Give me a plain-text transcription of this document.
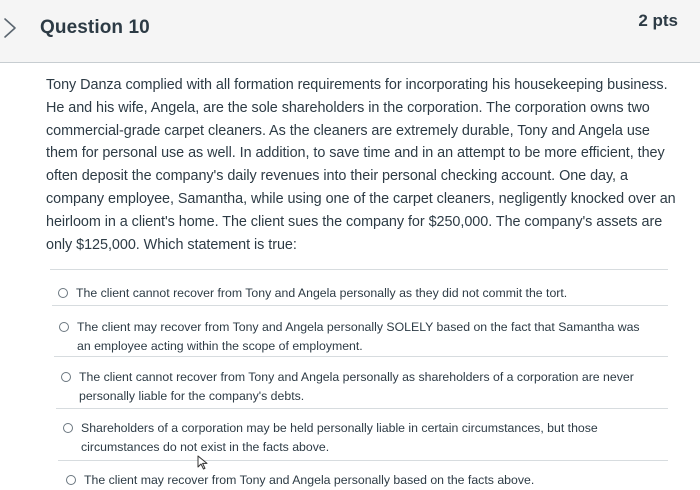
Question 10	2 pts
Tony Danza complied with all formation requirements for incorporating his housekeeping business. He and his wife, Angela, are the sole shareholders in the corporation. The corporation owns two commercial-grade carpet cleaners. As the cleaners are extremely durable, Tony and Angela use them for personal use as well. In addition, to save time and in an attempt to be more efficient, they often deposit the company's daily revenues into their personal checking account. One day, a company employee, Samantha, while using one of the carpet cleaners, negligently knocked over an heirloom in a client's home. The client sues the company for $250,000. The company's assets are only $125,000. Which statement is true:
The client cannot recover from Tony and Angela personally as they did not commit the tort.
The client may recover from Tony and Angela personally SOLELY based on the fact that Samantha was an employee acting within the scope of employment.
The client cannot recover from Tony and Angela personally as shareholders of a corporation are never personally liable for the company's debts.
Shareholders of a corporation may be held personally liable in certain circumstances, but those circumstances do not exist in the facts above.
The client may recover from Tony and Angela personally based on the facts above.
